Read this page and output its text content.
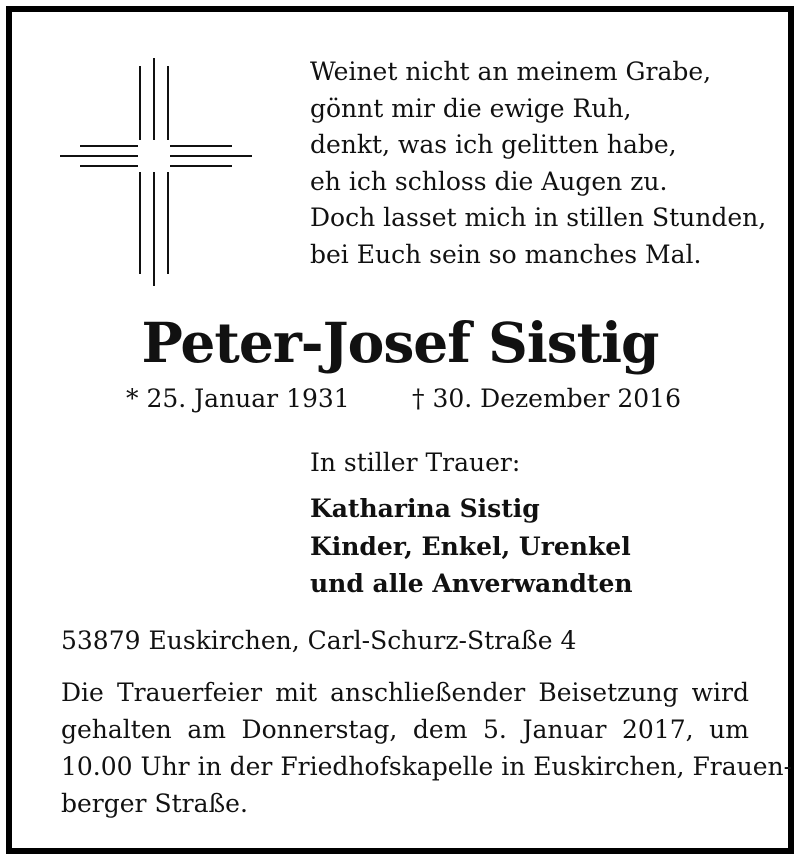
Weinet nicht an meinem Grabe,
gönnt mir die ewige Ruh,
denkt, was ich gelitten habe,
eh ich schloss die Augen zu.
Doch lasset mich in stillen Stunden,
bei Euch sein so manches Mal.
Peter-Josef Sistig
* 25. Januar 1931 † 30. Dezember 2016
In stiller Trauer:
Katharina Sistig
Kinder, Enkel, Urenkel
und alle Anverwandten
53879 Euskirchen, Carl-Schurz-Straße 4
Die Trauerfeier mit anschließender Beisetzung wird
gehalten am Donnerstag, dem 5. Januar 2017, um
10.00 Uhr in der Friedhofskapelle in Euskirchen, Frauen-
berger Straße.
